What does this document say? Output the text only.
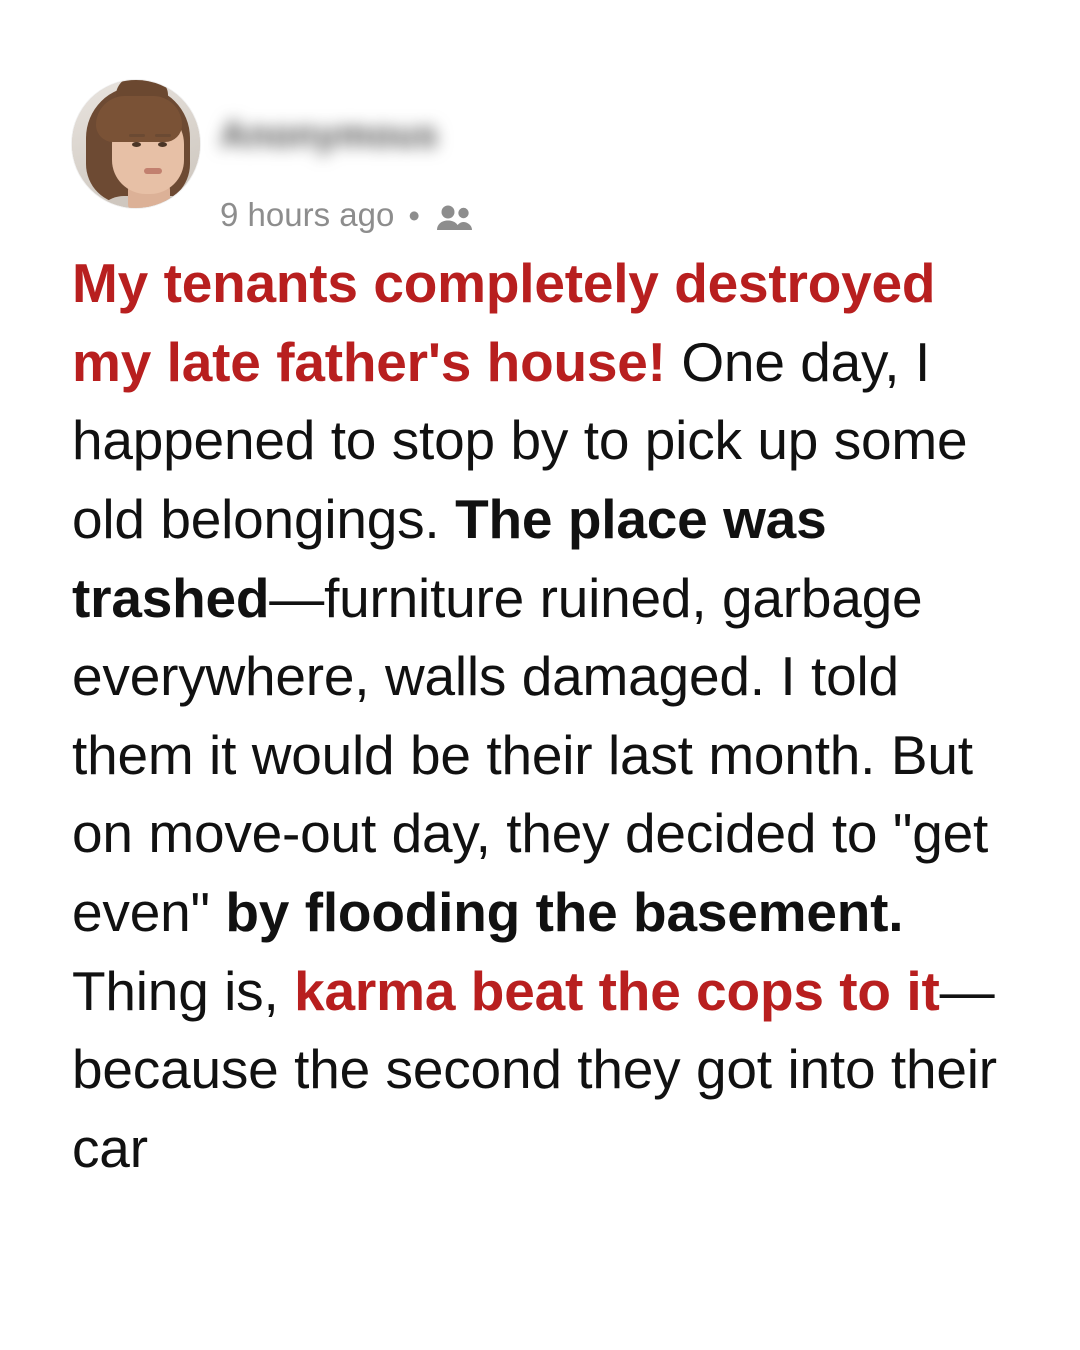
Anonymous
9 hours ago •
My tenants completely destroyed my late father's house! One day, I happened to stop by to pick up some old belongings. The place was trashed—furniture ruined, garbage everywhere, walls damaged. I told them it would be their last month. But on move-out day, they decided to "get even" by flooding the basement. Thing is, karma beat the cops to it—because the second they got into their car
